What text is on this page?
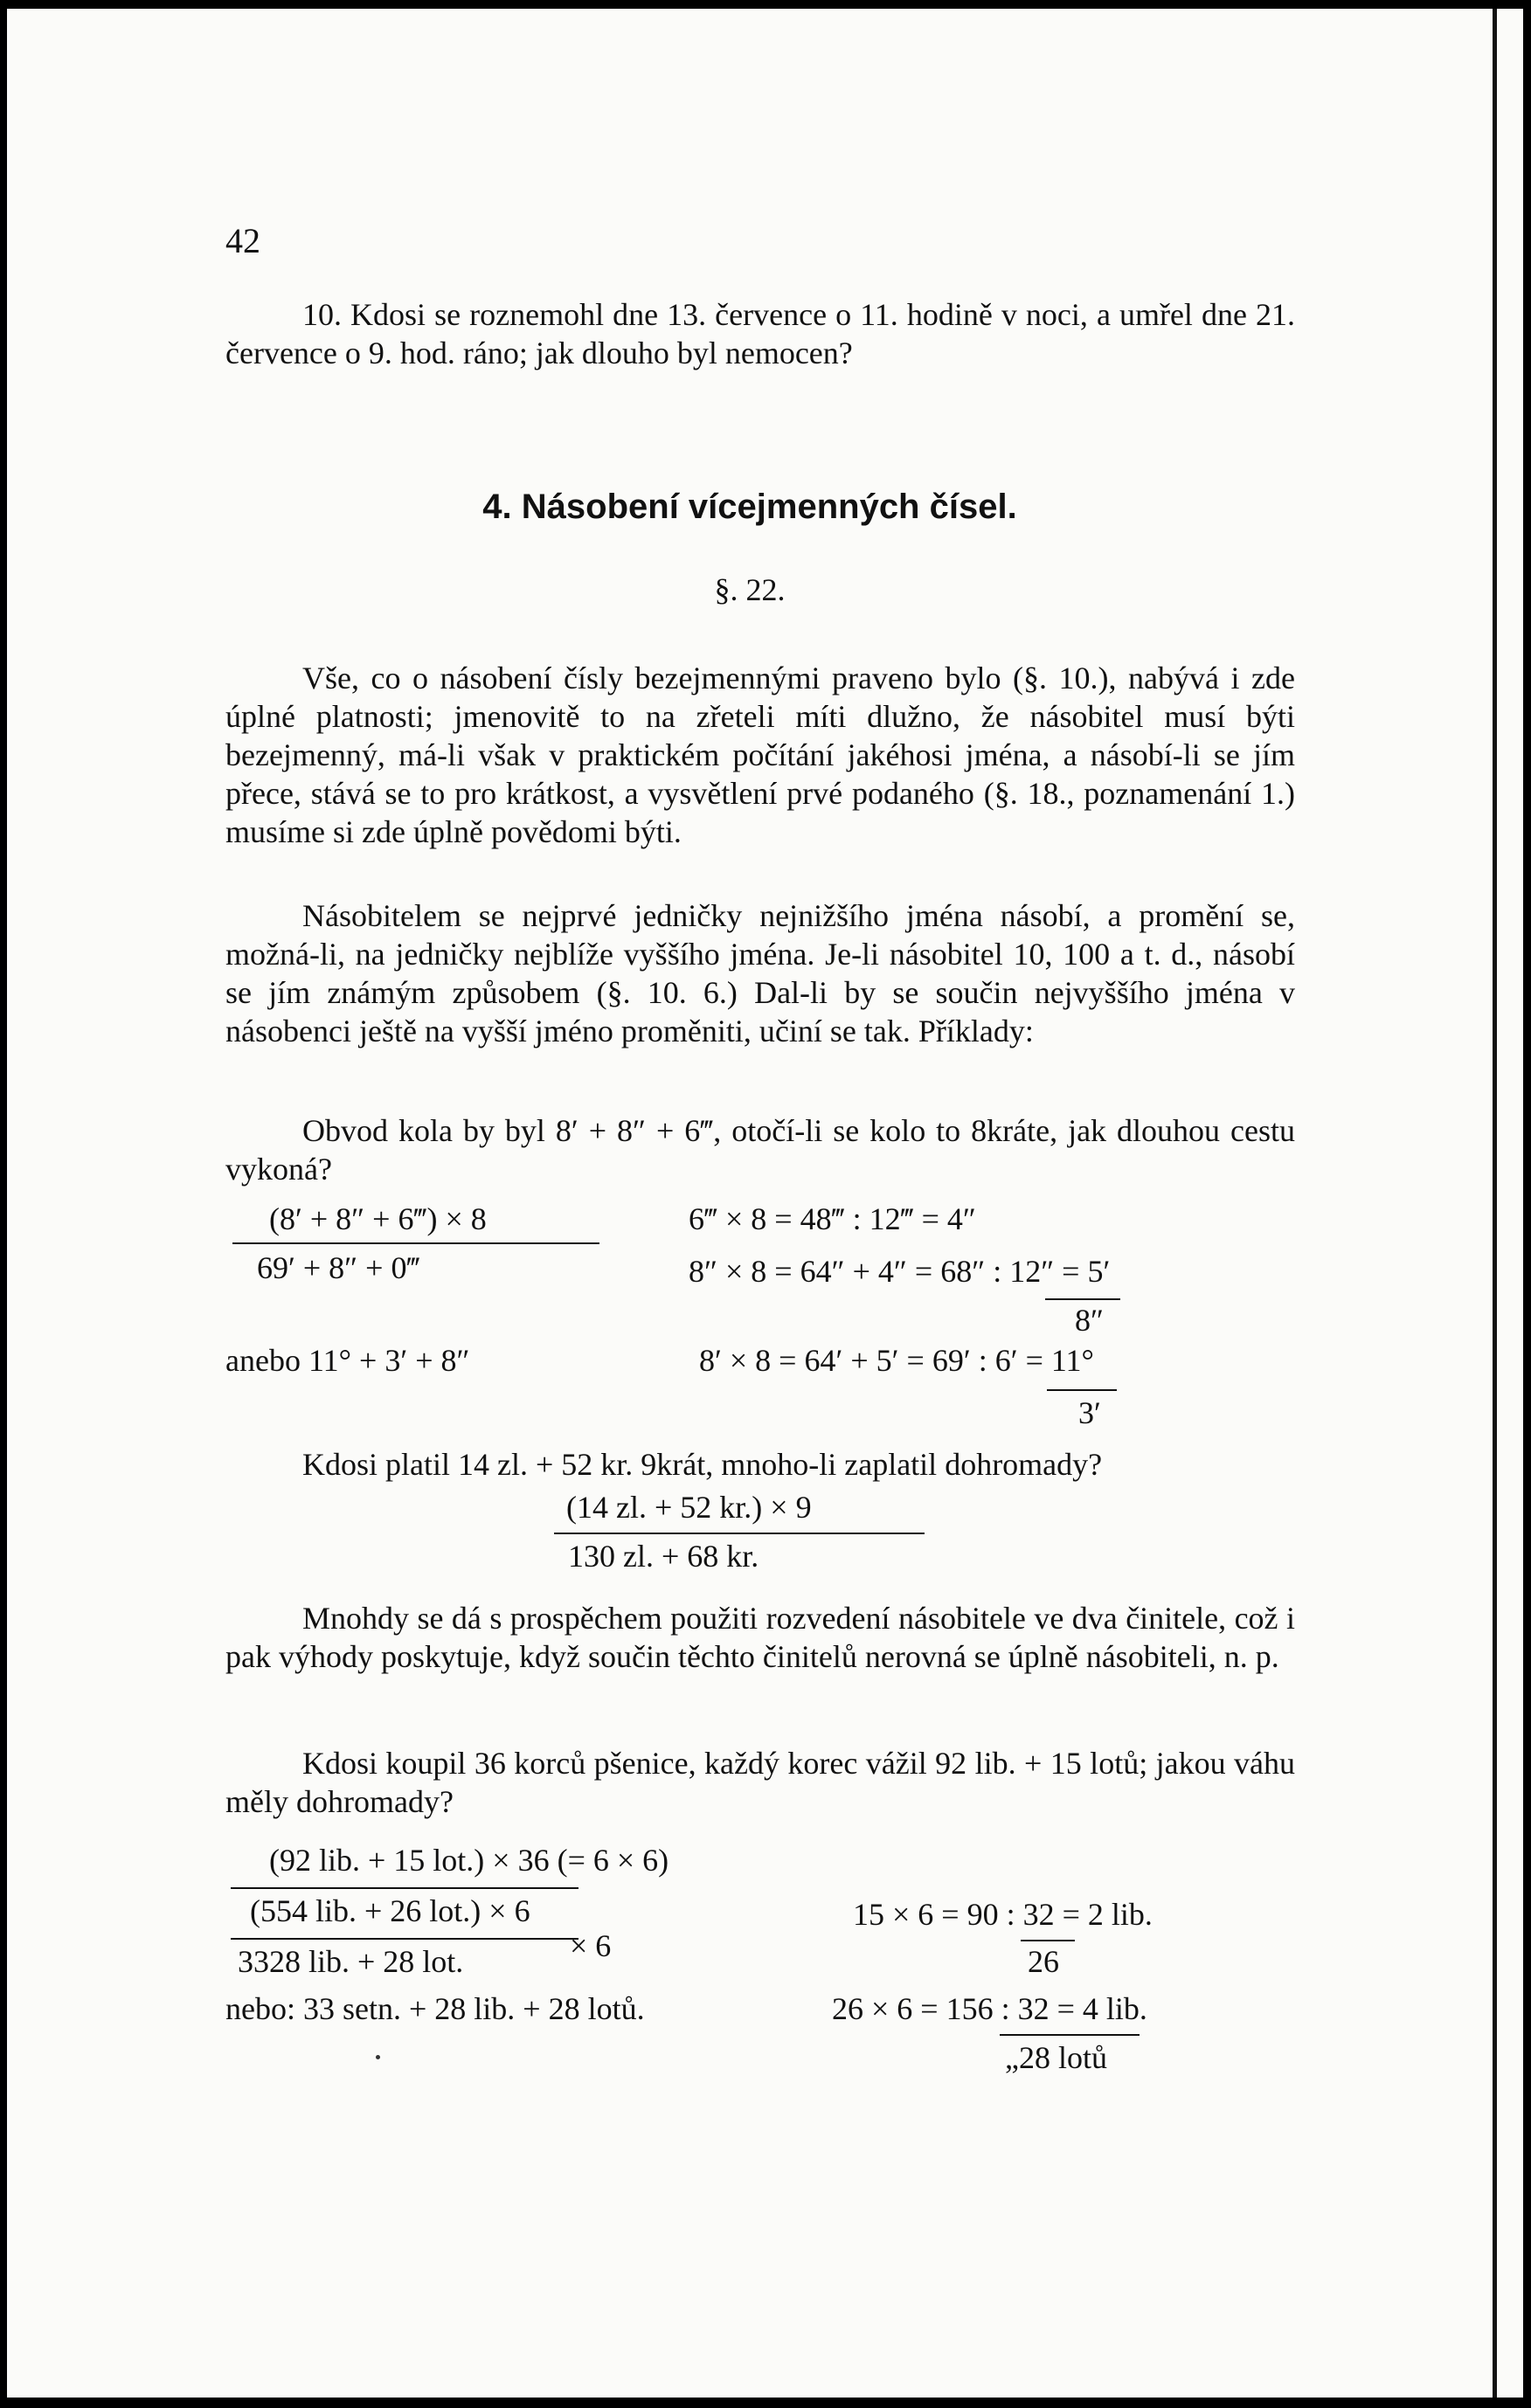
42
10. Kdosi se roznemohl dne 13. července o 11. hodině v noci, a umřel dne 21. července o 9. hod. ráno; jak dlouho byl nemocen?
4. Násobení vícejmenných čísel.
§. 22.
Vše, co o násobení čísly bezejmennými praveno bylo (§. 10.), nabývá i zde úplné platnosti; jmenovitě to na zřeteli míti dlužno, že násobitel musí býti bezejmenný, má-li však v praktickém počítání jakéhosi jména, a násobí-li se jím přece, stává se to pro krátkost, a vysvětlení prvé podaného (§. 18., poznamenání 1.) musíme si zde úplně povědomi býti.
Násobitelem se nejprvé jedničky nejnižšího jména násobí, a promění se, možná-li, na jedničky nejblíže vyššího jména. Je-li násobitel 10, 100 a t. d., násobí se jím známým způsobem (§. 10. 6.) Dal-li by se součin nejvyššího jména v násobenci ještě na vyšší jméno proměniti, učiní se tak. Příklady:
Obvod kola by byl 8′ + 8″ + 6‴, otočí-li se kolo to 8kráte, jak dlouhou cestu vykoná?
(8′ + 8″ + 6‴) × 8
69′ + 8″ + 0‴
anebo 11° + 3′ + 8″
6‴ × 8 = 48‴ : 12‴ = 4″
8″ × 8 = 64″ + 4″ = 68″ : 12″ = 5′
8″
8′ × 8 = 64′ + 5′ = 69′ : 6′ = 11°
3′
Kdosi platil 14 zl. + 52 kr. 9krát, mnoho-li zaplatil dohromady?
(14 zl. + 52 kr.) × 9
130 zl. + 68 kr.
Mnohdy se dá s prospěchem použiti rozvedení násobitele ve dva činitele, což i pak výhody poskytuje, když součin těchto činitelů nerovná se úplně násobiteli, n. p.
Kdosi koupil 36 korců pšenice, každý korec vážil 92 lib. + 15 lotů; jakou váhu měly dohromady?
(92 lib. + 15 lot.) × 36 (= 6 × 6)
(554 lib. + 26 lot.) × 6
× 6
3328 lib. + 28 lot.
nebo: 33 setn. + 28 lib. + 28 lotů.
15 × 6 = 90 : 32 = 2 lib.
26
26 × 6 = 156 : 32 = 4 lib.
„28 lotů
